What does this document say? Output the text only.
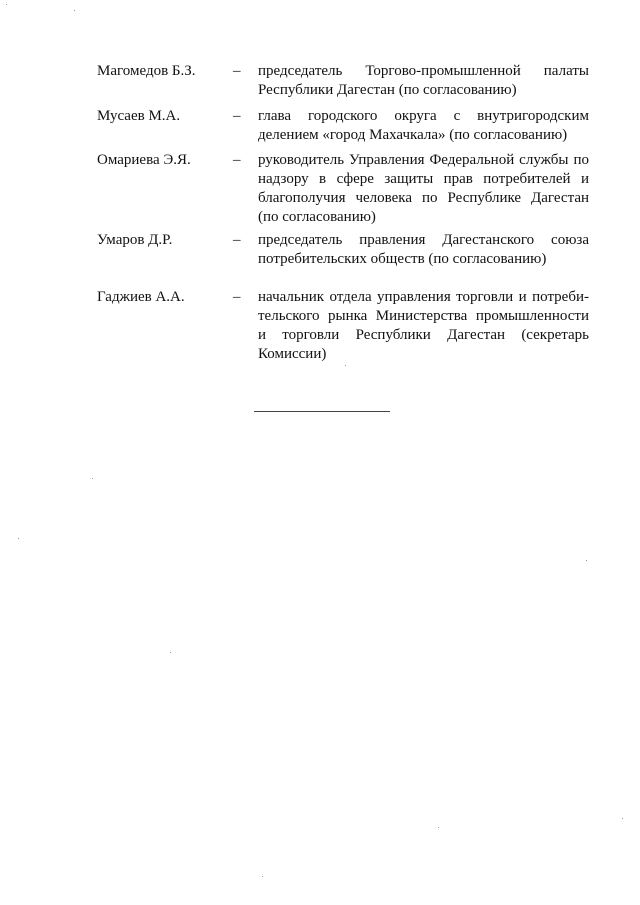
Магомедов Б.З. – председатель Торгово-промышленной палаты
Республики Дагестан (по согласованию)
Мусаев М.А.	– глава городского округа с внутригородским
делением «город Махачкала» (по согласованию)
Омариева Э.Я.	– руководитель Управления Федеральной службы по
надзору в сфере защиты прав потребителей и
благополучия человека по Республике Дагестан
(по согласованию)
Умаров Д.Р.	– председатель правления Дагестанского союза
потребительских обществ (по согласованию)
Гаджиев А.А.	– начальник отдела управления торговли и потреби-
тельского рынка Министерства промышленности
и торговли Республики Дагестан (секретарь
Комиссии)
